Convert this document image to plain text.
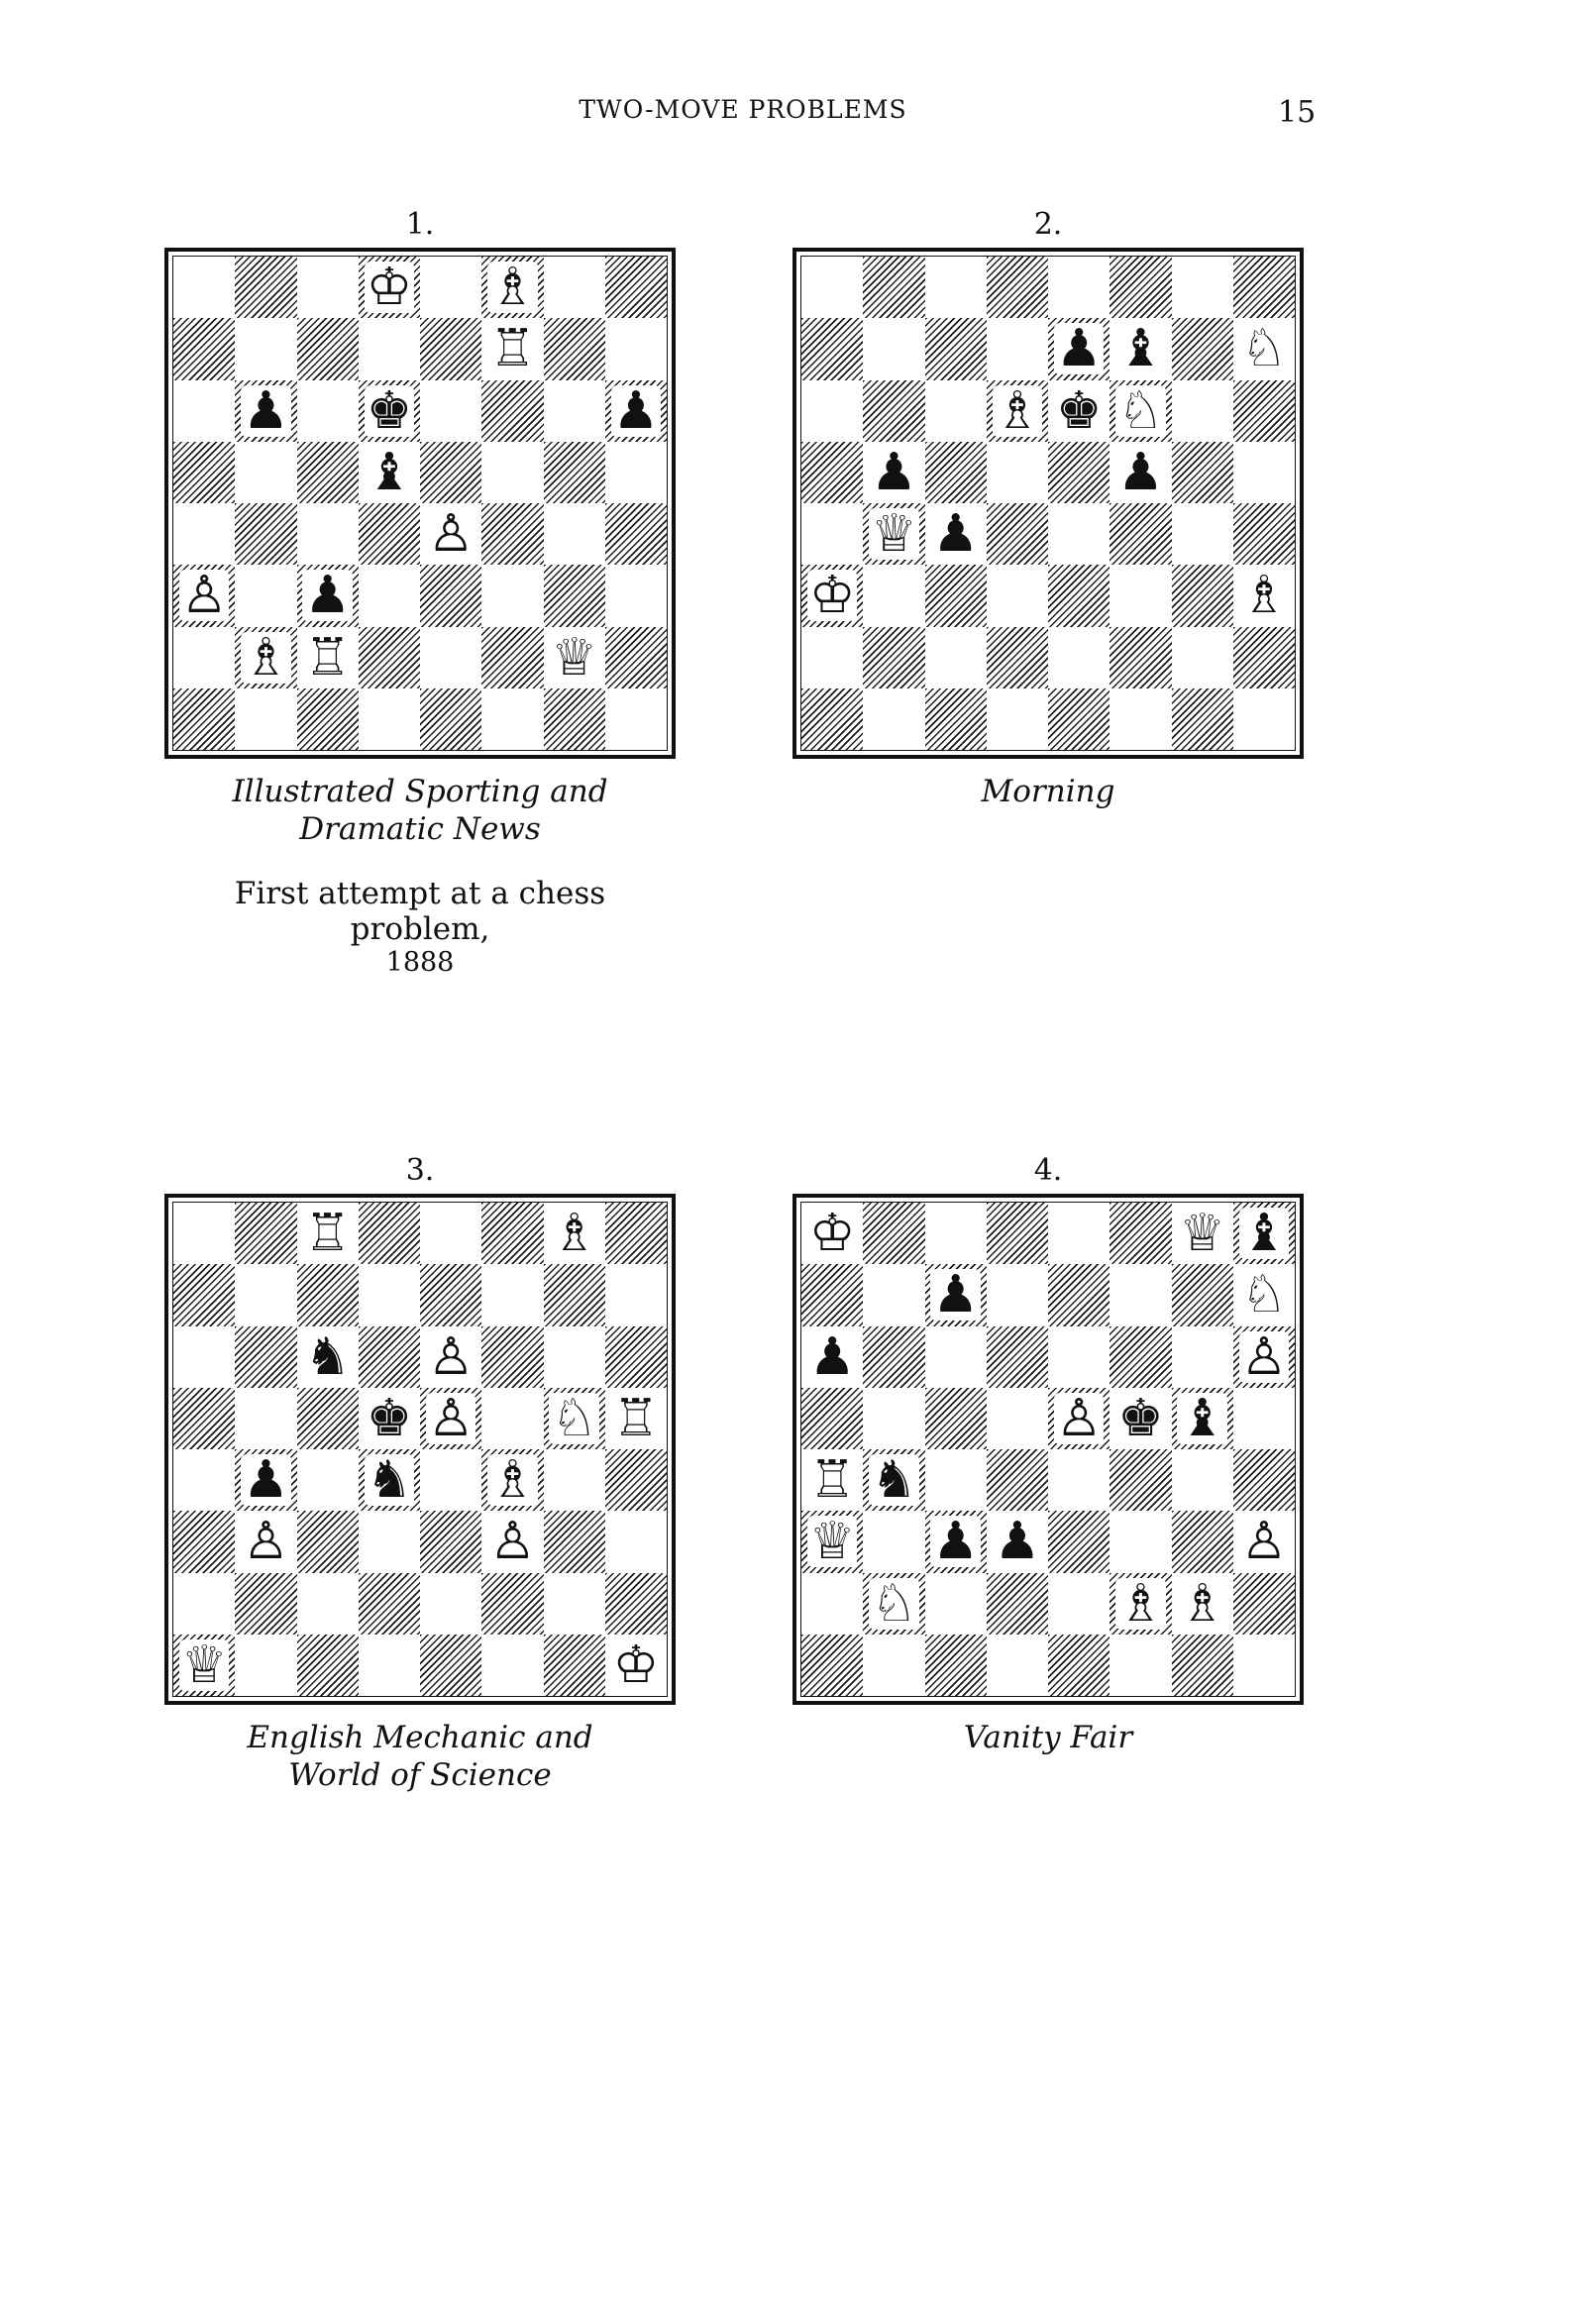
TWO-MOVE PROBLEMS	15
1.
♔ ♗
♖
♟ ♚	♟
♝
♙
♙ ♟
♗ ♖	♕
Illustrated Sporting and
Dramatic News
First attempt at a chess problem,
1888
2.
♟ ♝ ♘
♗ ♚ ♘
♟	♟
♕ ♟
♔	♗
Morning
3.
♖	♗
♞ ♙
♚ ♙ ♘ ♖
♟ ♞ ♗
♙	♙
♕	♔
English Mechanic and
World of Science
4.
♔	♕ ♝
♟	♘
♟	♙
♙ ♚ ♝
♖ ♞
♕ ♟ ♟	♙
♘	♗ ♗
Vanity Fair
